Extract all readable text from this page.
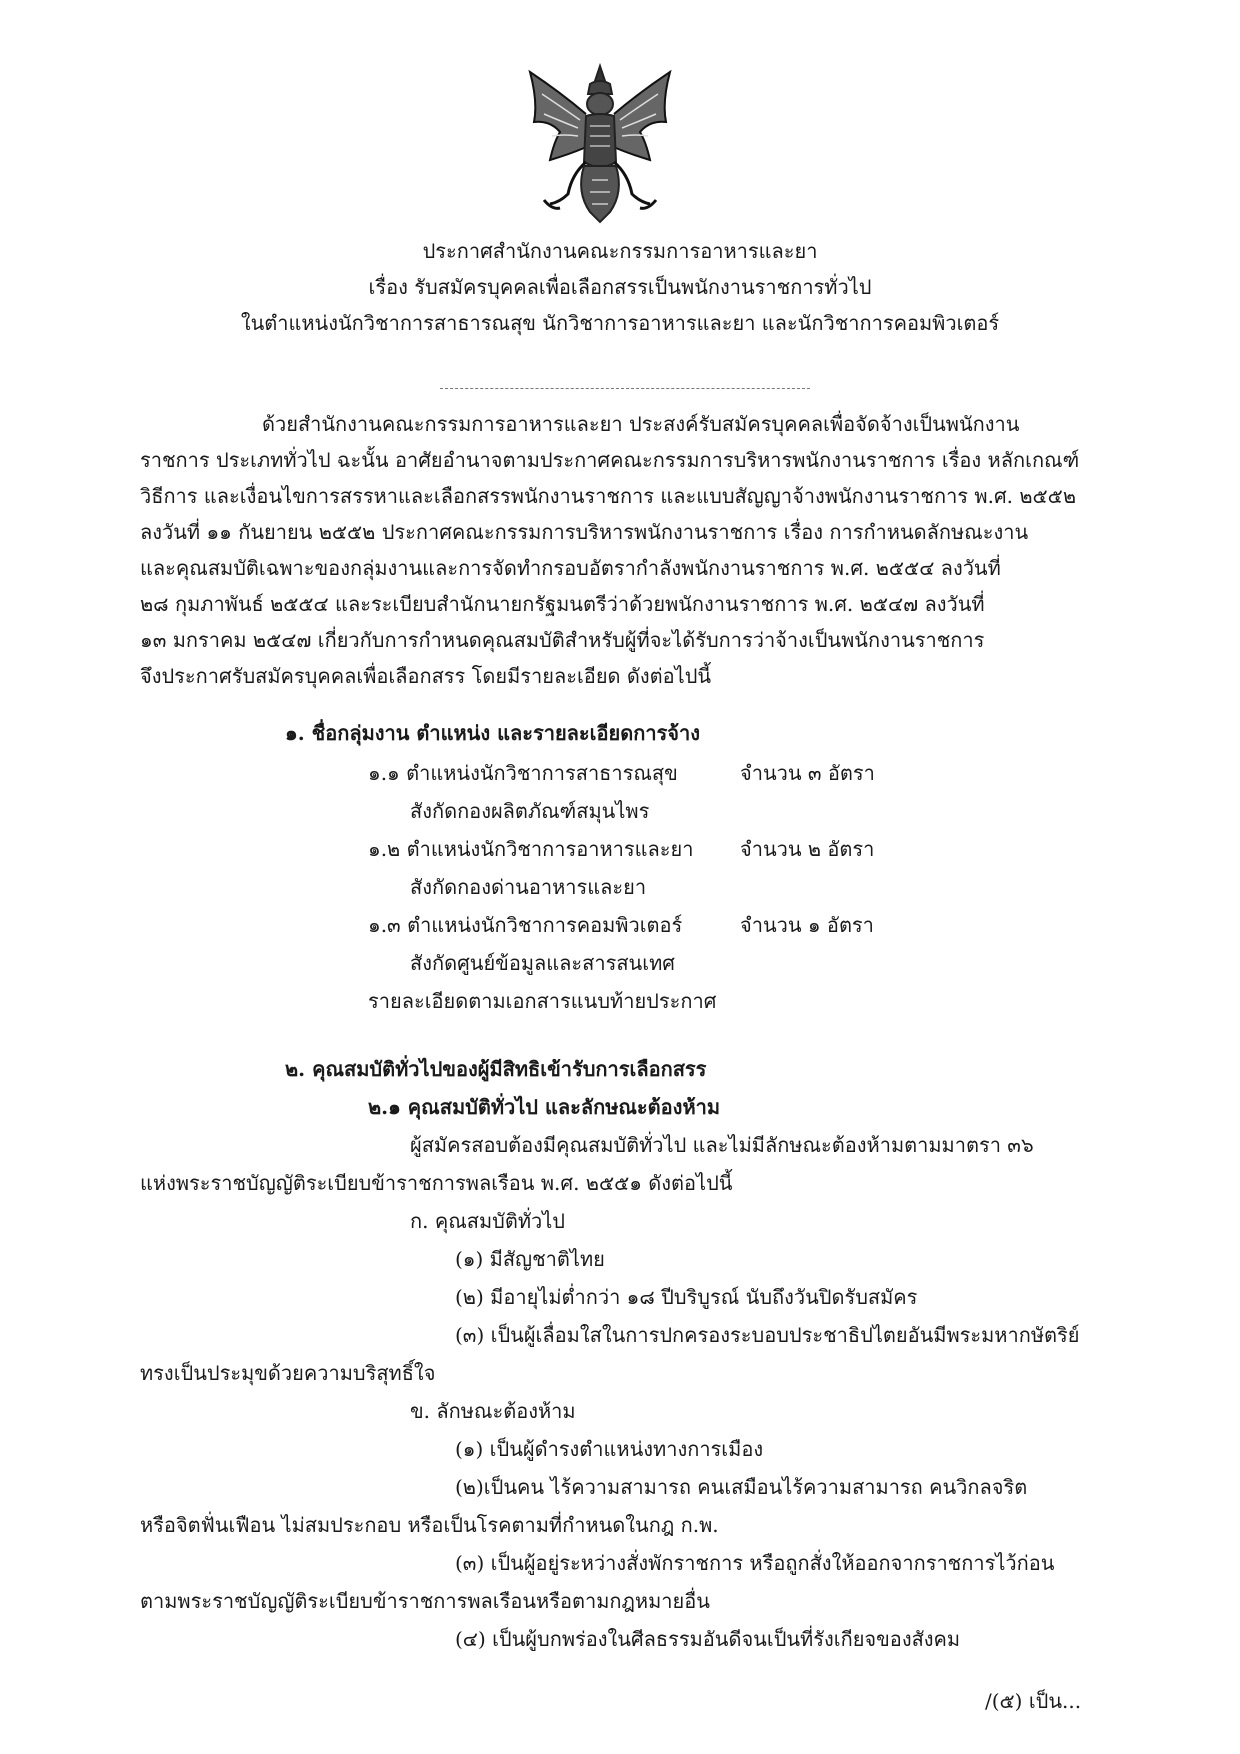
ประกาศสำนักงานคณะกรรมการอาหารและยา
เรื่อง รับสมัครบุคคลเพื่อเลือกสรรเป็นพนักงานราชการทั่วไป
ในตำแหน่งนักวิชาการสาธารณสุข นักวิชาการอาหารและยา และนักวิชาการคอมพิวเตอร์
ด้วยสำนักงานคณะกรรมการอาหารและยา ประสงค์รับสมัครบุคคลเพื่อจัดจ้างเป็นพนักงาน
ราชการ ประเภททั่วไป ฉะนั้น อาศัยอำนาจตามประกาศคณะกรรมการบริหารพนักงานราชการ เรื่อง หลักเกณฑ์
วิธีการ และเงื่อนไขการสรรหาและเลือกสรรพนักงานราชการ และแบบสัญญาจ้างพนักงานราชการ พ.ศ. ๒๕๕๒
ลงวันที่ ๑๑ กันยายน ๒๕๕๒ ประกาศคณะกรรมการบริหารพนักงานราชการ เรื่อง การกำหนดลักษณะงาน
และคุณสมบัติเฉพาะของกลุ่มงานและการจัดทำกรอบอัตรากำลังพนักงานราชการ พ.ศ. ๒๕๕๔ ลงวันที่
๒๘ กุมภาพันธ์ ๒๕๕๔ และระเบียบสำนักนายกรัฐมนตรีว่าด้วยพนักงานราชการ พ.ศ. ๒๕๔๗ ลงวันที่
๑๓ มกราคม ๒๕๔๗ เกี่ยวกับการกำหนดคุณสมบัติสำหรับผู้ที่จะได้รับการว่าจ้างเป็นพนักงานราชการ
จึงประกาศรับสมัครบุคคลเพื่อเลือกสรร โดยมีรายละเอียด ดังต่อไปนี้
๑. ชื่อกลุ่มงาน ตำแหน่ง และรายละเอียดการจ้าง
๑.๑ ตำแหน่งนักวิชาการสาธารณสุข	จำนวน ๓ อัตรา
สังกัดกองผลิตภัณฑ์สมุนไพร
๑.๒ ตำแหน่งนักวิชาการอาหารและยา จำนวน ๒ อัตรา
สังกัดกองด่านอาหารและยา
๑.๓ ตำแหน่งนักวิชาการคอมพิวเตอร์	จำนวน ๑ อัตรา
สังกัดศูนย์ข้อมูลและสารสนเทศ
รายละเอียดตามเอกสารแนบท้ายประกาศ
๒. คุณสมบัติทั่วไปของผู้มีสิทธิเข้ารับการเลือกสรร
๒.๑ คุณสมบัติทั่วไป และลักษณะต้องห้าม
ผู้สมัครสอบต้องมีคุณสมบัติทั่วไป และไม่มีลักษณะต้องห้ามตามมาตรา ๓๖
แห่งพระราชบัญญัติระเบียบข้าราชการพลเรือน พ.ศ. ๒๕๕๑ ดังต่อไปนี้
ก. คุณสมบัติทั่วไป
(๑) มีสัญชาติไทย
(๒) มีอายุไม่ต่ำกว่า ๑๘ ปีบริบูรณ์ นับถึงวันปิดรับสมัคร
(๓) เป็นผู้เลื่อมใสในการปกครองระบอบประชาธิปไตยอันมีพระมหากษัตริย์
ทรงเป็นประมุขด้วยความบริสุทธิ์ใจ
ข. ลักษณะต้องห้าม
(๑) เป็นผู้ดำรงตำแหน่งทางการเมือง
(๒)เป็นคน ไร้ความสามารถ คนเสมือนไร้ความสามารถ คนวิกลจริต
หรือจิตฟั่นเฟือน ไม่สมประกอบ หรือเป็นโรคตามที่กำหนดในกฎ ก.พ.
(๓) เป็นผู้อยู่ระหว่างสั่งพักราชการ หรือถูกสั่งให้ออกจากราชการไว้ก่อน
ตามพระราชบัญญัติระเบียบข้าราชการพลเรือนหรือตามกฎหมายอื่น
(๔) เป็นผู้บกพร่องในศีลธรรมอันดีจนเป็นที่รังเกียจของสังคม
/(๕) เป็น...
